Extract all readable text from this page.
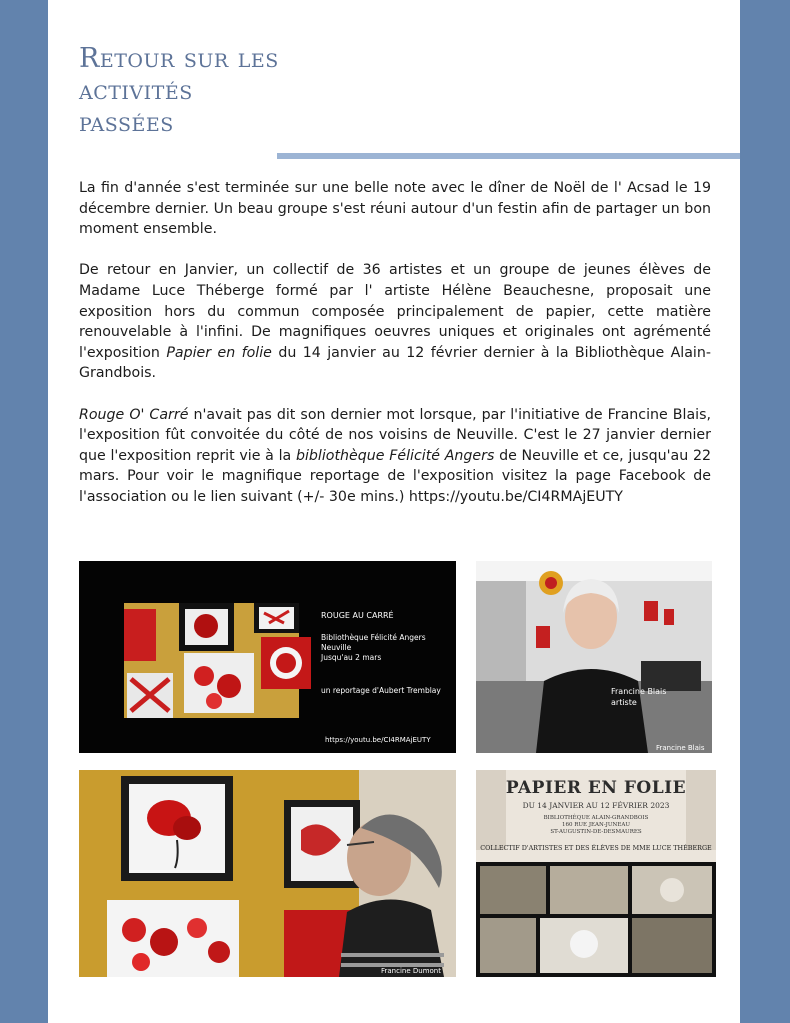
Retour sur les
activités
passées

La fin d'année s'est terminée sur une belle note avec le dîner de Noël de l' Acsad le 19 décembre dernier. Un beau groupe s'est réuni autour d'un festin afin de partager un bon moment ensemble.

De retour en Janvier, un collectif de 36 artistes et un groupe de jeunes élèves de Madame Luce Théberge formé par l' artiste Hélène Beauchesne, proposait une exposition hors du commun composée principalement de papier, cette matière renouvelable à l'infini. De magnifiques oeuvres uniques et originales ont agrémenté l'exposition Papier en folie du 14 janvier au 12 février dernier à la Bibliothèque Alain-Grandbois.

Rouge O' Carré n'avait pas dit son dernier mot lorsque, par l'initiative de Francine Blais, l'exposition fût convoitée du côté de nos voisins de Neuville. C'est le 27 janvier dernier que l'exposition reprit vie à la bibliothèque Félicité Angers de Neuville et ce, jusqu'au 22 mars. Pour voir le magnifique reportage de l'exposition visitez la page Facebook de l'association ou le lien suivant (+/- 30e mins.) https://youtu.be/CI4RMAjEUTY

ROUGE AU CARRÉ
Bibliothèque Félicité Angers
Neuville
Jusqu'au 2 mars
un reportage d'Aubert Tremblay
https://youtu.be/CI4RMAjEUTY
Francine Blais
artiste
Francine Blais
Francine Dumont
PAPIER EN FOLIE
DU 14 JANVIER AU 12 FÉVRIER 2023
BIBLIOTHÈQUE ALAIN-GRANDBOIS
160 RUE JEAN-JUNEAU
ST-AUGUSTIN-DE-DESMAURES
COLLECTIF D'ARTISTES ET DES ÉLÈVES DE MME LUCE THÉBERGE
